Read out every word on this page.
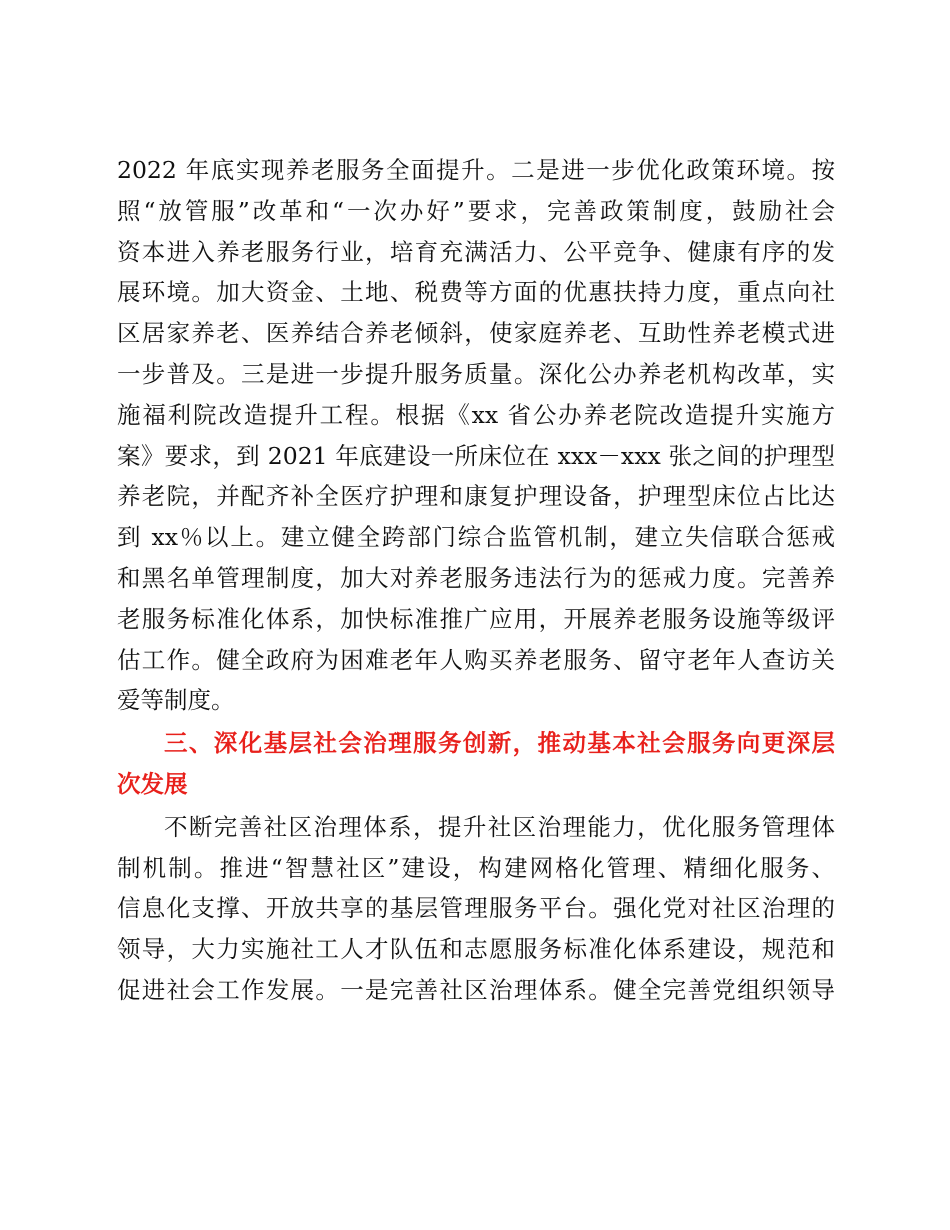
2022 年底实现养老服务全面提升。二是进一步优化政策环境。按
照“放管服”改革和“一次办好”要求，完善政策制度，鼓励社会
资本进入养老服务行业，培育充满活力、公平竞争、健康有序的发
展环境。加大资金、土地、税费等方面的优惠扶持力度，重点向社
区居家养老、医养结合养老倾斜，使家庭养老、互助性养老模式进
一步普及。三是进一步提升服务质量。深化公办养老机构改革，实
施福利院改造提升工程。根据《xx 省公办养老院改造提升实施方
案》要求，到 2021 年底建设一所床位在 xxx－xxx 张之间的护理型
养老院，并配齐补全医疗护理和康复护理设备，护理型床位占比达
到 xx％以上。建立健全跨部门综合监管机制，建立失信联合惩戒
和黑名单管理制度，加大对养老服务违法行为的惩戒力度。完善养
老服务标准化体系，加快标准推广应用，开展养老服务设施等级评
估工作。健全政府为困难老年人购买养老服务、留守老年人查访关
爱等制度。
三、深化基层社会治理服务创新，推动基本社会服务向更深层
次发展
不断完善社区治理体系，提升社区治理能力，优化服务管理体
制机制。推进“智慧社区”建设，构建网格化管理、精细化服务、
信息化支撑、开放共享的基层管理服务平台。强化党对社区治理的
领导，大力实施社工人才队伍和志愿服务标准化体系建设，规范和
促进社会工作发展。一是完善社区治理体系。健全完善党组织领导
